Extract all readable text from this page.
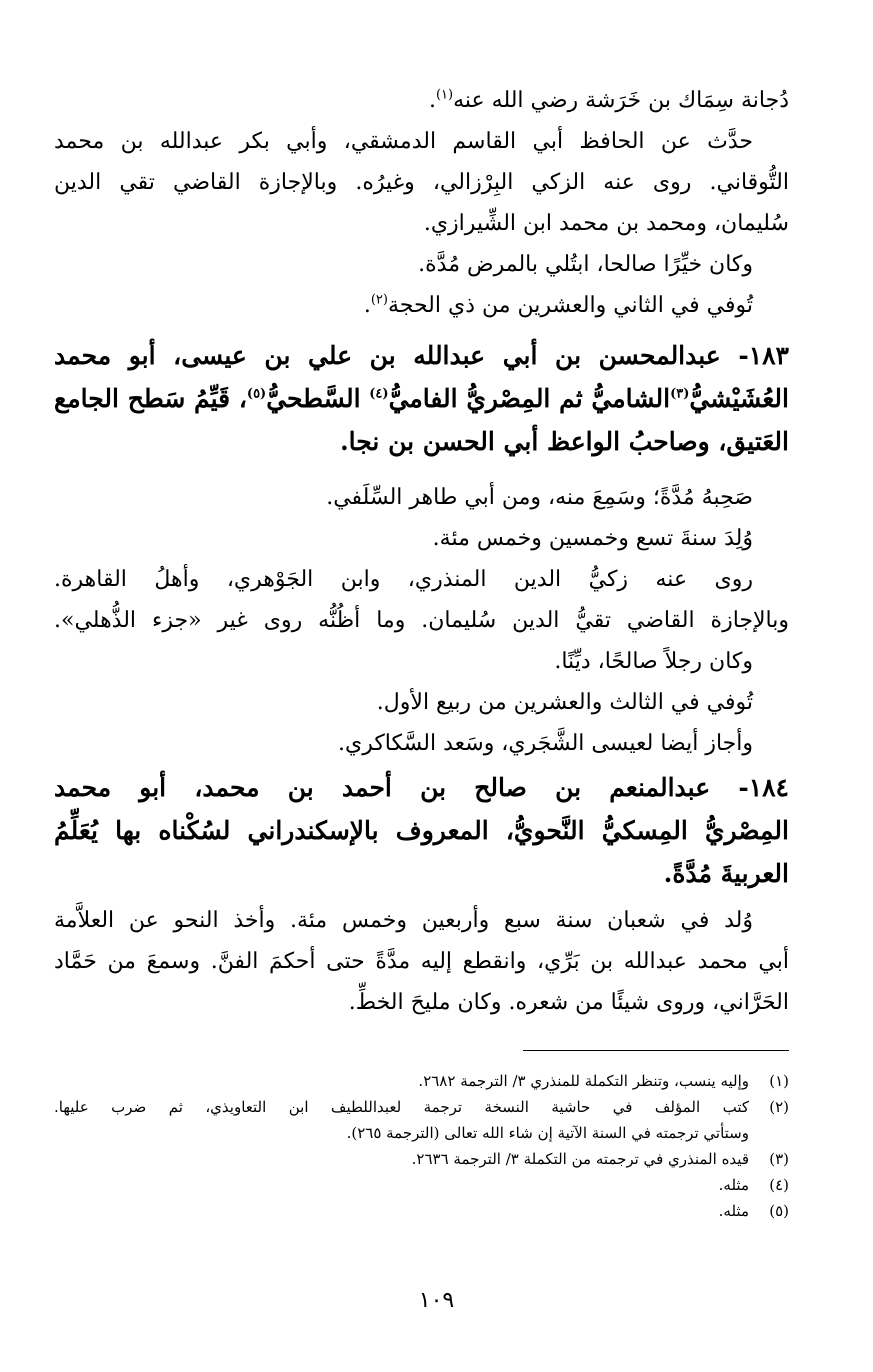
دُجانة سِمَاك بن خَرَشة رضي الله عنه$^{(١)}$.

حدَّث عن الحافظ أبي القاسم الدمشقي، وأبي بكر عبدالله بن محمد

التُّوقاني. روى عنه الزكي البِرْزالي، وغيرُه. وبالإجازة القاضي تقي الدين

سُليمان، ومحمد بن محمد ابن الشِّيرازي.

وكان خيِّرًا صالحا، ابتُلي بالمرض مُدَّة.

تُوفي في الثاني والعشرين من ذي الحجة$^{(٢)}$.

١٨٣- عبدالمحسن بن أبي عبدالله بن علي بن عيسى، أبو محمد

العُشَيْشيُّ$^{(٣)}$الشاميُّ ثم المِصْريُّ الفاميُّ$^{(٤)}$ السَّطحيُّ$^{(٥)}$، قَيِّمُ سَطح الجامع

العَتيق، وصاحبُ الواعظ أبي الحسن بن نجا.

صَحِبهُ مُدَّةً؛ وسَمِعَ منه، ومن أبي طاهر السِّلَفي.

وُلِدَ سنةَ تسع وخمسين وخمس مئة.

روى عنه زكيُّ الدين المنذري، وابن الجَوْهري، وأهلُ القاهرة.

وبالإجازة القاضي تقيُّ الدين سُليمان. وما أظُنُّه روى غير «جزء الذُّهلي».

وكان رجلاً صالحًا، ديِّنًا.

تُوفي في الثالث والعشرين من ربيع الأول.

وأجاز أيضا لعيسى الشَّجَري، وسَعد السَّكاكري.

١٨٤- عبدالمنعم بن صالح بن أحمد بن محمد، أبو محمد

المِصْريُّ المِسكيُّ النَّحويُّ، المعروف بالإسكندراني لسُكْناه بها يُعَلِّمُ

العربيةَ مُدَّةً.

وُلد في شعبان سنة سبع وأربعين وخمس مئة. وأخذ النحو عن العلاَّمة

أبي محمد عبدالله بن بَرِّي، وانقطع إليه مدَّةً حتى أحكمَ الفنَّ. وسمعَ من حَمَّاد

الحَرَّاني، وروى شيئًا من شعره. وكان مليحَ الخطِّ.

(١)
وإليه ينسب، وتنظر التكملة للمنذري ٣/ الترجمة ٢٦٨٢.
(٢)
كتب المؤلف في حاشية النسخة ترجمة لعبداللطيف ابن التعاويذي، ثم ضرب عليها.
وستأتي ترجمته في السنة الآتية إن شاء الله تعالى (الترجمة ٢٦٥).
(٣)
قيده المنذري في ترجمته من التكملة ٣/ الترجمة ٢٦٣٦.
(٤)
مثله.
(٥)
مثله.
١٠٩
